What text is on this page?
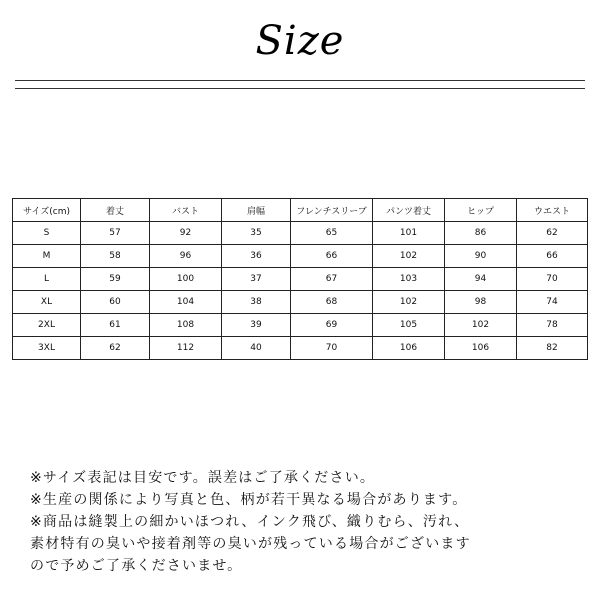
Size
サイズ(cm)	着丈	バスト	肩幅	フレンチスリーブ	パンツ着丈	ヒップ	ウエスト
S	57	92	35	65	101	86	62
M	58	96	36	66	102	90	66
L	59	100	37	67	103	94	70
XL	60	104	38	68	102	98	74
2XL	61	108	39	69	105	102	78
3XL	62	112	40	70	106	106	82
※サイズ表記は目安です。誤差はご了承ください。
※生産の関係により写真と色、柄が若干異なる場合があります。
※商品は縫製上の細かいほつれ、インク飛び、織りむら、汚れ、
素材特有の臭いや接着剤等の臭いが残っている場合がございます
ので予めご了承くださいませ。
